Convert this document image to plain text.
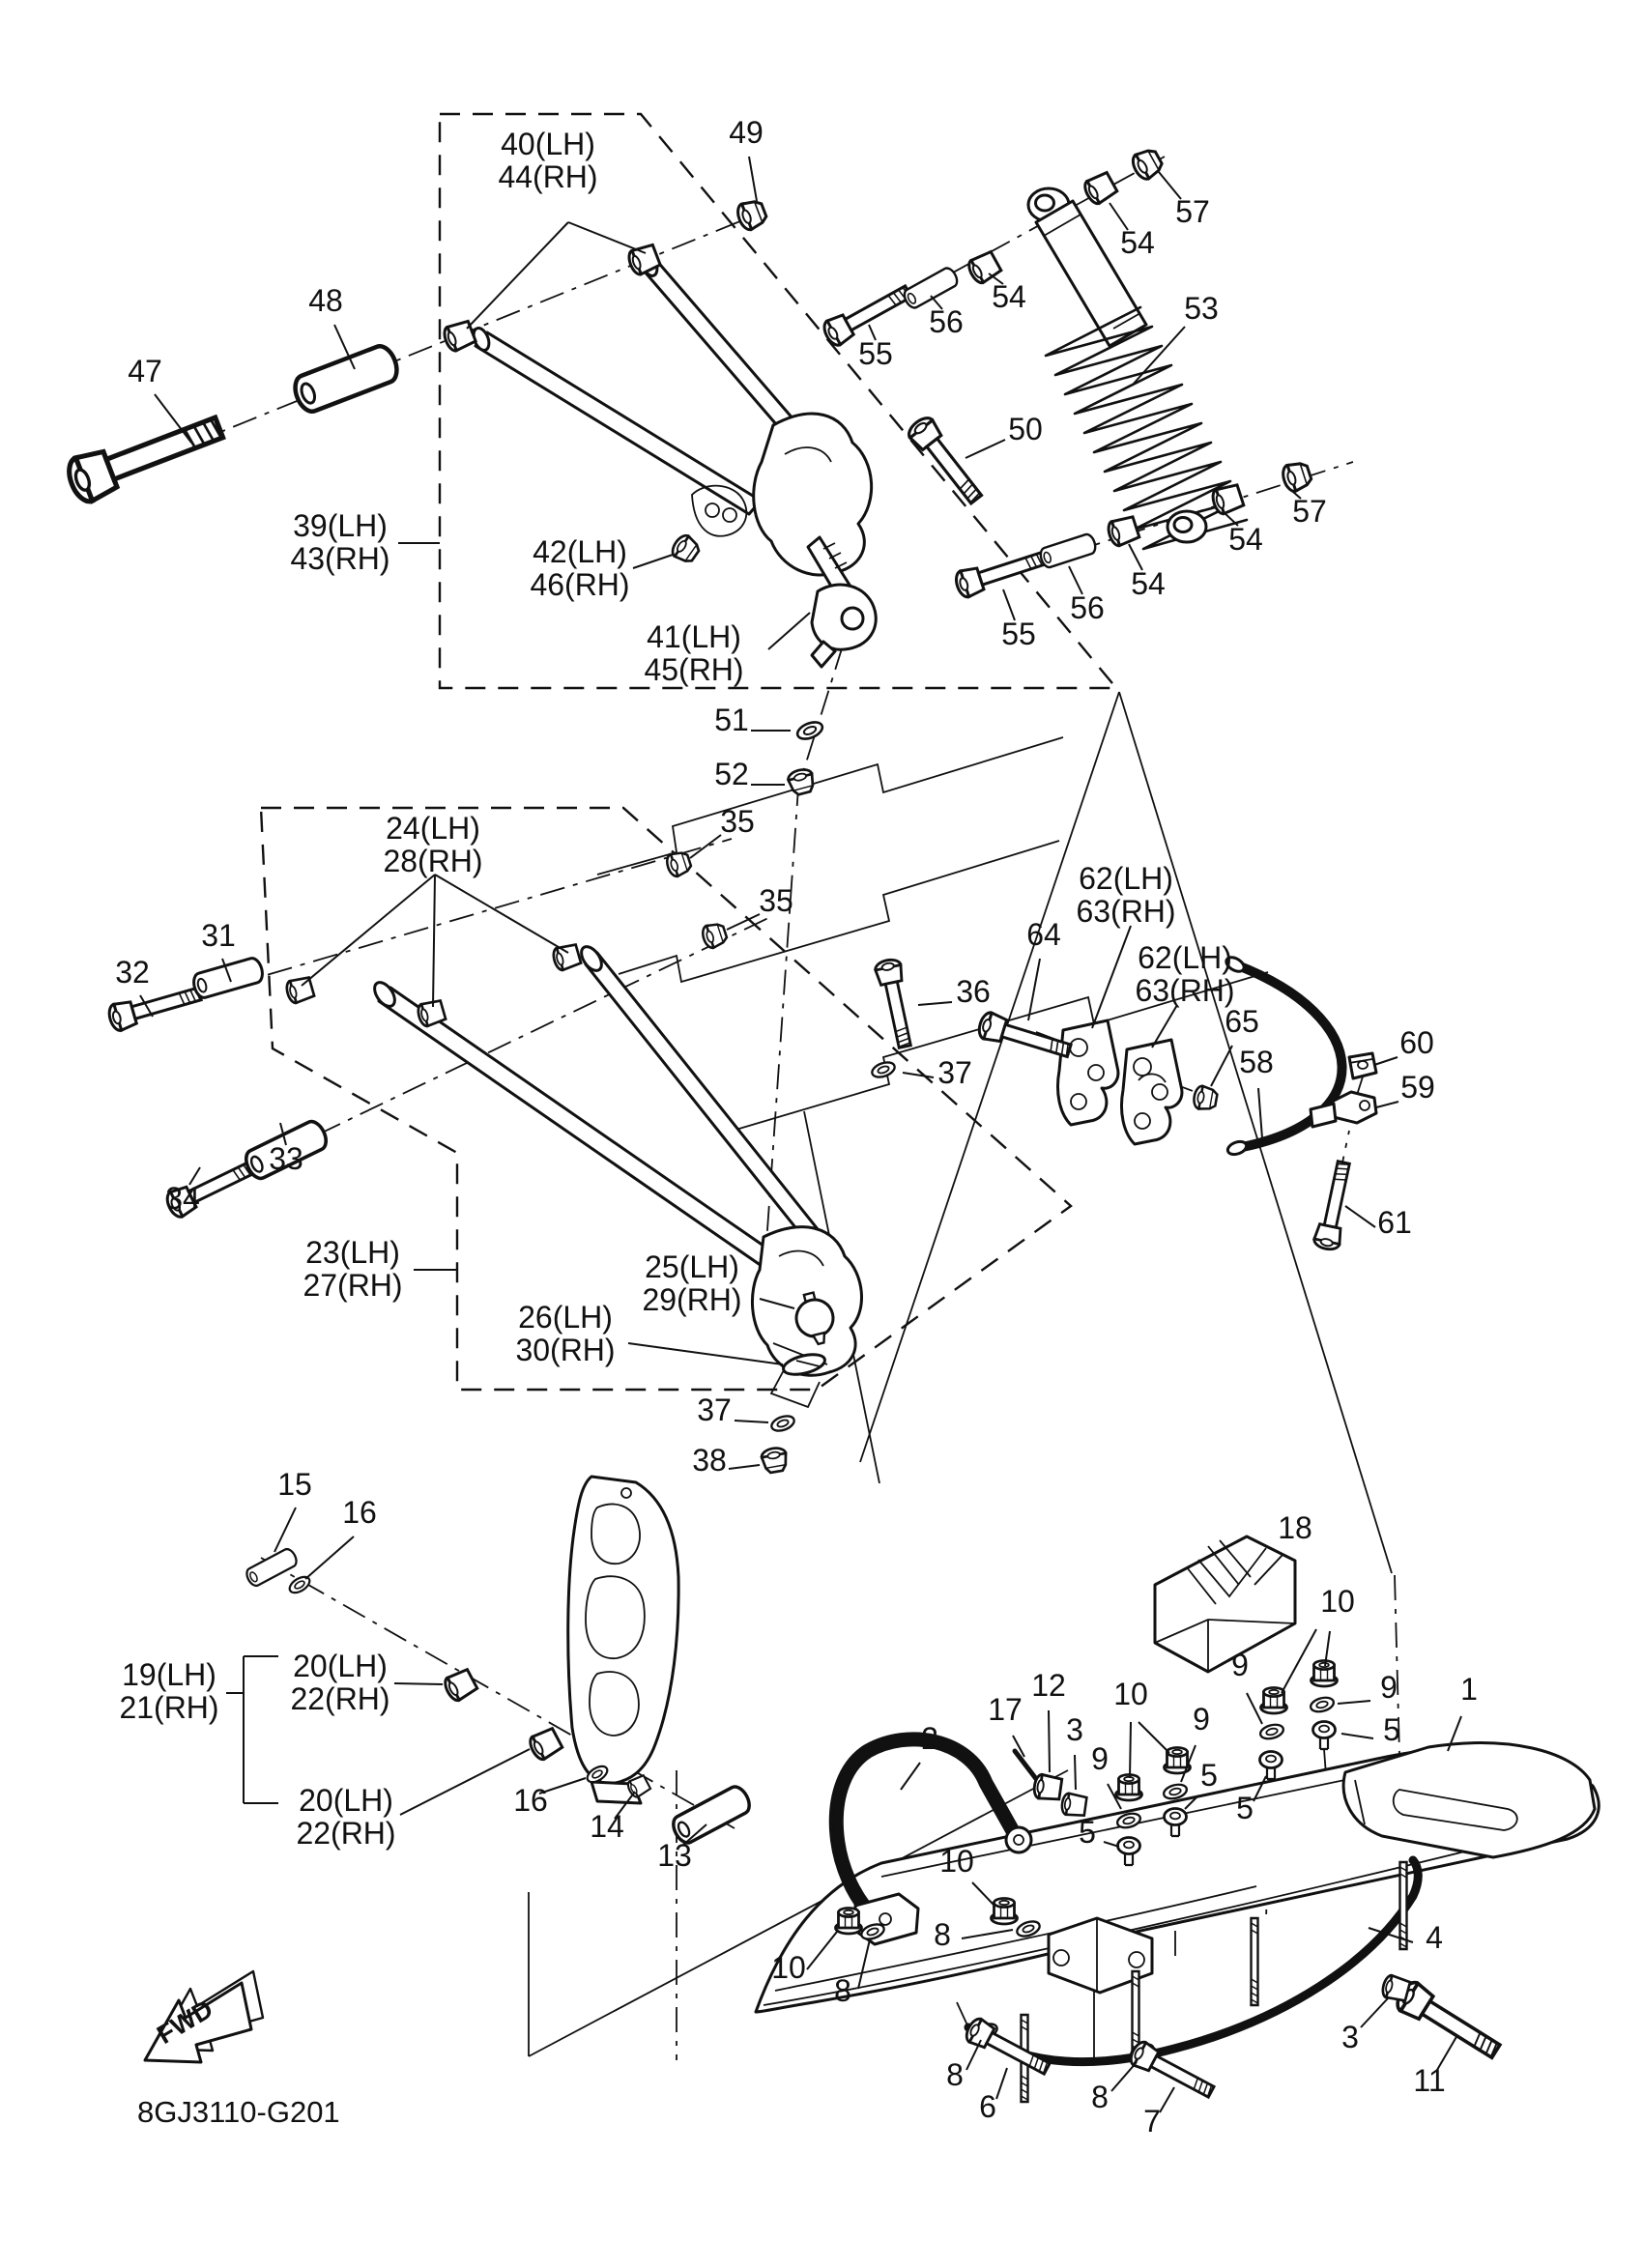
FWD
8GJ3110-G201
40(LH) 44(RH)
49
48
47
39(LH) 43(RH)	42(LH) 46(RH)
41(LH) 45(RH)
51
52
55
56
54
54
57
53
50
55
56
54
54
57
24(LH) 28(RH)
35
35
31
32
33
34
36
37
23(LH) 27(RH)
25(LH) 29(RH)
26(LH) 30(RH)
37
38
15
16
19(LH) 21(RH)
20(LH) 22(RH)
20(LH) 22(RH)
16
14
13
18
10
9
9
5
10
9
9
5
5
5
12
3
17
2
1
4
10
8
10
8
8
6	8
7
3
11
62(LH) 63(RH)
62(LH) 63(RH)
64
65
58
60
59
61
